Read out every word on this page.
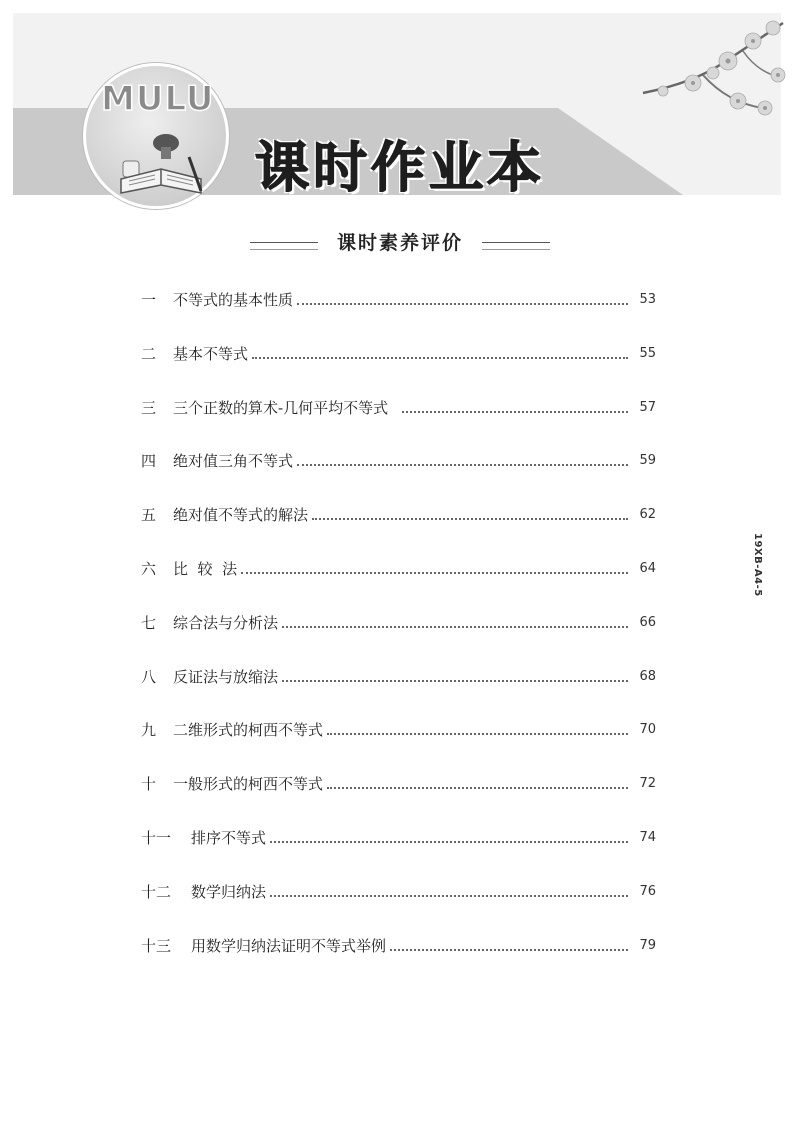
MULU
课时作业本
课时素养评价
一	不等式的基本性质	53
二	基本不等式	55
三	三个正数的算术-几何平均不等式	57
四	绝对值三角不等式	59
五	绝对值不等式的解法	62
六	比  较  法	64
七	综合法与分析法	66
八	反证法与放缩法	68
九	二维形式的柯西不等式	70
十	一般形式的柯西不等式	72
十一	排序不等式	74
十二	数学归纳法	76
十三	用数学归纳法证明不等式举例	79
19XB-A4-5
